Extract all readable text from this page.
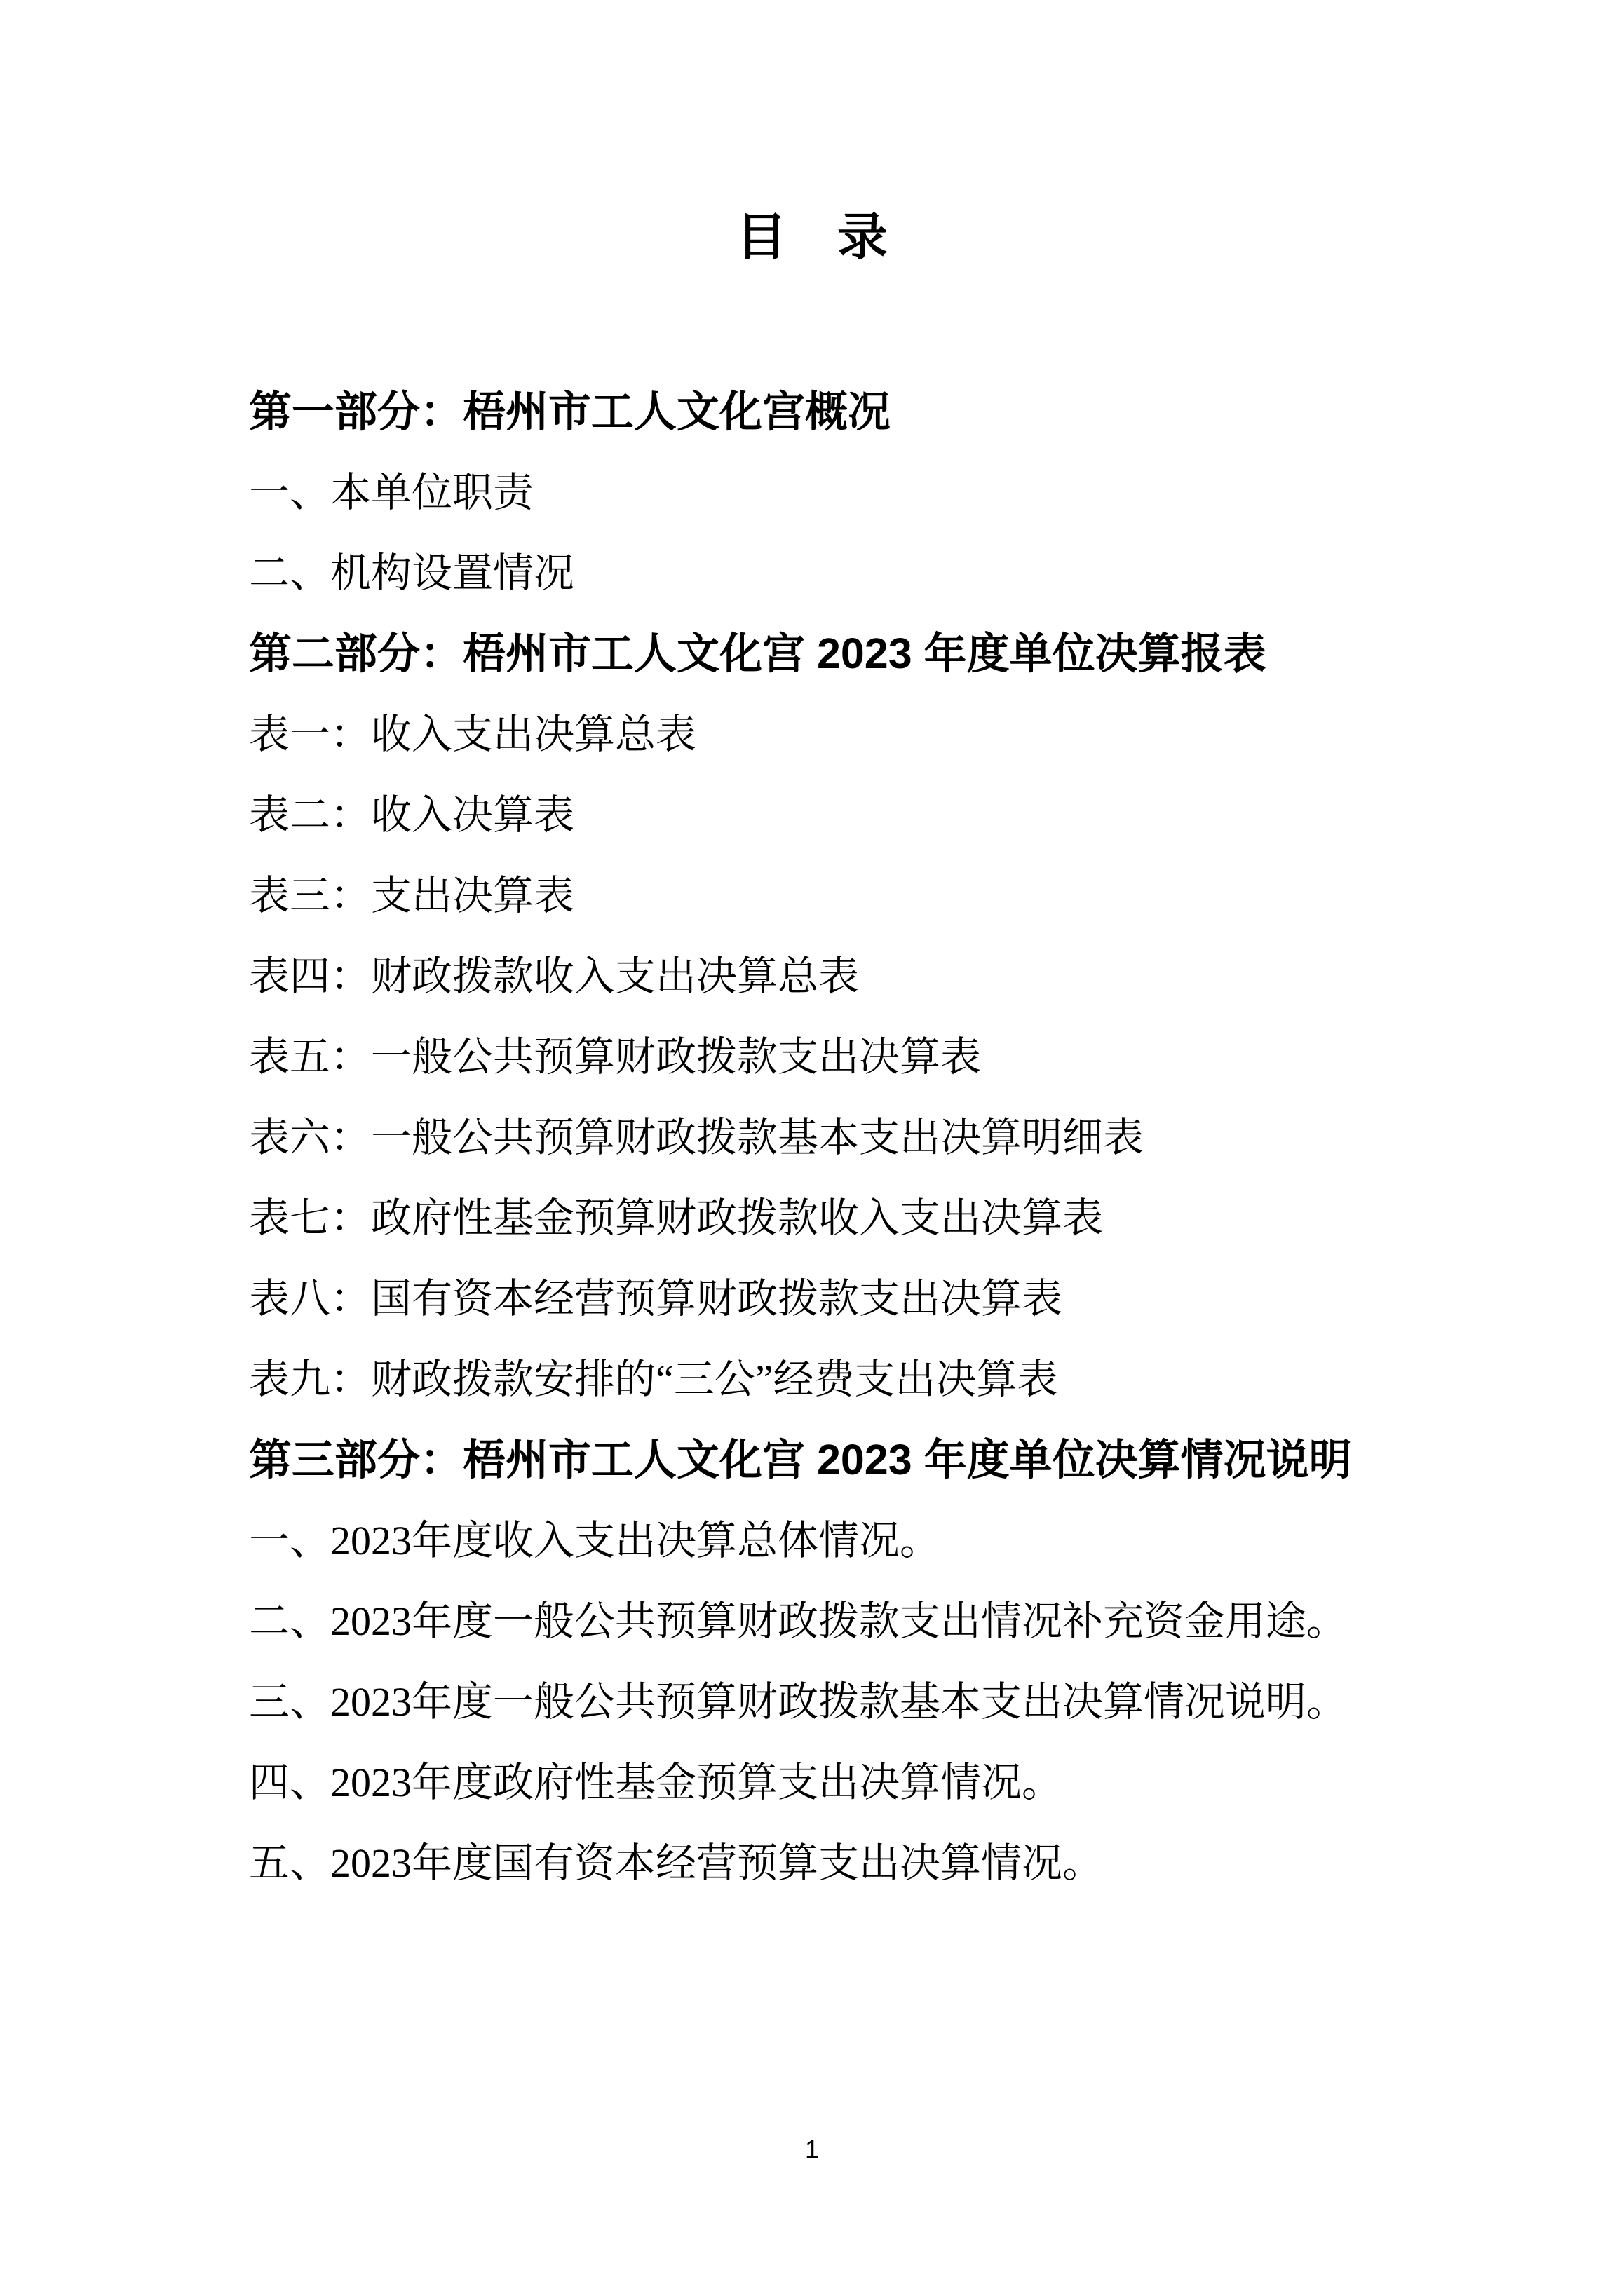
目　录
第一部分：梧州市工人文化宫概况
一、本单位职责
二、机构设置情况
第二部分：梧州市工人文化宫 2023 年度单位决算报表
表一：收入支出决算总表
表二：收入决算表
表三：支出决算表
表四：财政拨款收入支出决算总表
表五：一般公共预算财政拨款支出决算表
表六：一般公共预算财政拨款基本支出决算明细表
表七：政府性基金预算财政拨款收入支出决算表
表八：国有资本经营预算财政拨款支出决算表
表九：财政拨款安排的“三公”经费支出决算表
第三部分：梧州市工人文化宫 2023 年度单位决算情况说明
一、2023年度收入支出决算总体情况。
二、2023年度一般公共预算财政拨款支出情况补充资金用途。
三、2023年度一般公共预算财政拨款基本支出决算情况说明。
四、2023年度政府性基金预算支出决算情况。
五、2023年度国有资本经营预算支出决算情况。
1
